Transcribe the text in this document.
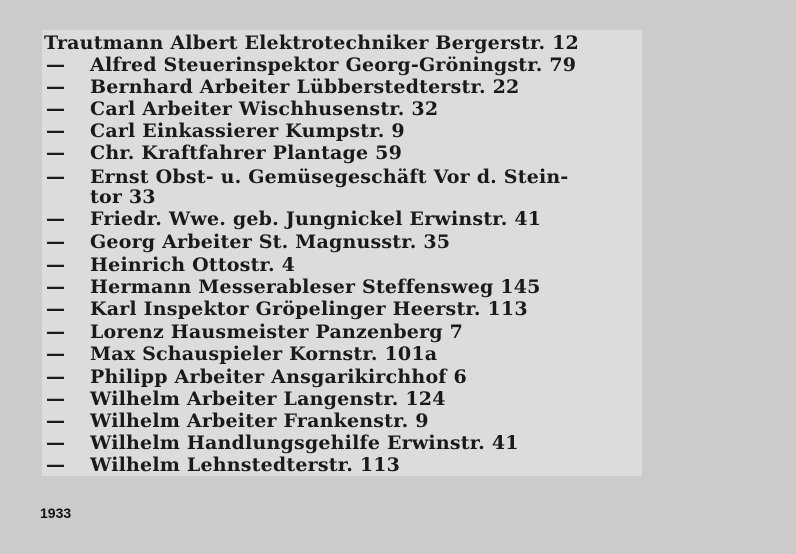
Trautmann Albert Elektrotechniker Bergerstr. 12
—	Alfred Steuerinspektor Georg-Gröningstr. 79
—	Bernhard Arbeiter Lübberstedterstr. 22
—	Carl Arbeiter Wischhusenstr. 32
—	Carl Einkassierer Kumpstr. 9
—	Chr. Kraftfahrer Plantage 59
—	Ernst Obst- u. Gemüsegeschäft Vor d. Stein-
tor 33
—	Friedr. Wwe. geb. Jungnickel Erwinstr. 41
—	Georg Arbeiter St. Magnusstr. 35
—	Heinrich Ottostr. 4
—	Hermann Messerableser Steffensweg 145
—	Karl Inspektor Gröpelinger Heerstr. 113
—	Lorenz Hausmeister Panzenberg 7
—	Max Schauspieler Kornstr. 101a
—	Philipp Arbeiter Ansgarikirchhof 6
—	Wilhelm Arbeiter Langenstr. 124
—	Wilhelm Arbeiter Frankenstr. 9
—	Wilhelm Handlungsgehilfe Erwinstr. 41
—	Wilhelm Lehnstedterstr. 113
1933
